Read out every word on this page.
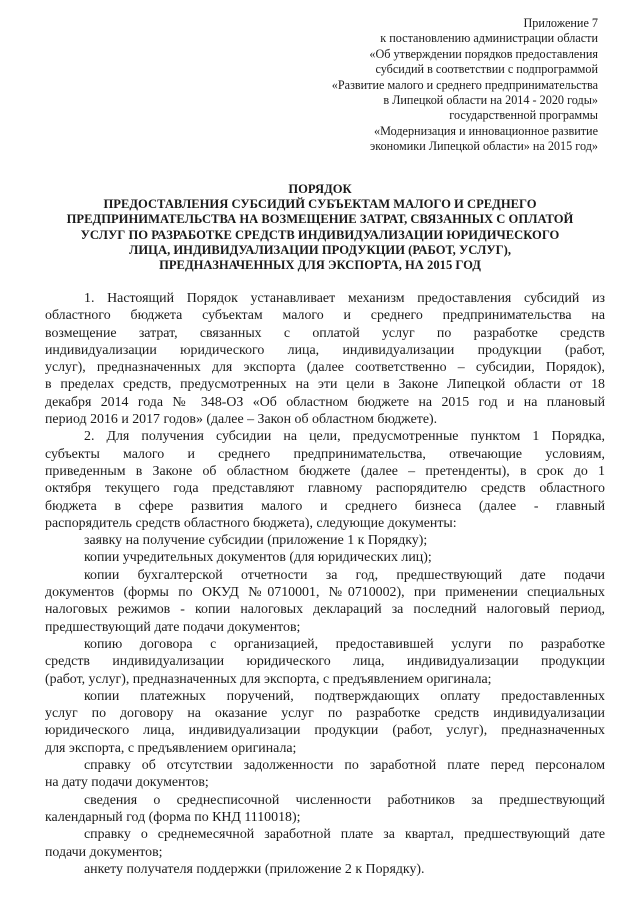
Приложение 7
к постановлению администрации области
«Об утверждении порядков предоставления
субсидий в соответствии с подпрограммой
«Развитие малого и среднего предпринимательства
в Липецкой области на 2014 - 2020 годы»
государственной программы
«Модернизация и инновационное развитие
экономики Липецкой области» на 2015 год»
ПОРЯДОК
ПРЕДОСТАВЛЕНИЯ СУБСИДИЙ СУБЪЕКТАМ МАЛОГО И СРЕДНЕГО
ПРЕДПРИНИМАТЕЛЬСТВА НА ВОЗМЕЩЕНИЕ ЗАТРАТ, СВЯЗАННЫХ С ОПЛАТОЙ
УСЛУГ ПО РАЗРАБОТКЕ СРЕДСТВ ИНДИВИДУАЛИЗАЦИИ ЮРИДИЧЕСКОГО
ЛИЦА, ИНДИВИДУАЛИЗАЦИИ ПРОДУКЦИИ (РАБОТ, УСЛУГ),
ПРЕДНАЗНАЧЕННЫХ ДЛЯ ЭКСПОРТА, НА 2015 ГОД
1. Настоящий Порядок устанавливает механизм предоставления субсидий из
областного бюджета субъектам малого и среднего предпринимательства на
возмещение затрат, связанных с оплатой услуг по разработке средств
индивидуализации юридического лица, индивидуализации продукции (работ,
услуг), предназначенных для экспорта (далее соответственно – субсидии, Порядок),
в пределах средств, предусмотренных на эти цели в Законе Липецкой области от 18
декабря 2014 года № 348-ОЗ «Об областном бюджете на 2015 год и на плановый
период 2016 и 2017 годов» (далее – Закон об областном бюджете).
2. Для получения субсидии на цели, предусмотренные пунктом 1 Порядка,
субъекты малого и среднего предпринимательства, отвечающие условиям,
приведенным в Законе об областном бюджете (далее – претенденты), в срок до 1
октября текущего года представляют главному распорядителю средств областного
бюджета в сфере развития малого и среднего бизнеса (далее - главный
распорядитель средств областного бюджета), следующие документы:
заявку на получение субсидии (приложение 1 к Порядку);
копии учредительных документов (для юридических лиц);
копии бухгалтерской отчетности за год, предшествующий дате подачи
документов (формы по ОКУД №0710001, №0710002), при применении специальных
налоговых режимов - копии налоговых деклараций за последний налоговый период,
предшествующий дате подачи документов;
копию договора с организацией, предоставившей услуги по разработке
средств индивидуализации юридического лица, индивидуализации продукции
(работ, услуг), предназначенных для экспорта, с предъявлением оригинала;
копии платежных поручений, подтверждающих оплату предоставленных
услуг по договору на оказание услуг по разработке средств индивидуализации
юридического лица, индивидуализации продукции (работ, услуг), предназначенных
для экспорта, с предъявлением оригинала;
справку об отсутствии задолженности по заработной плате перед персоналом
на дату подачи документов;
сведения о среднесписочной численности работников за предшествующий
календарный год (форма по КНД 1110018);
справку о среднемесячной заработной плате за квартал, предшествующий дате
подачи документов;
анкету получателя поддержки (приложение 2 к Порядку).
